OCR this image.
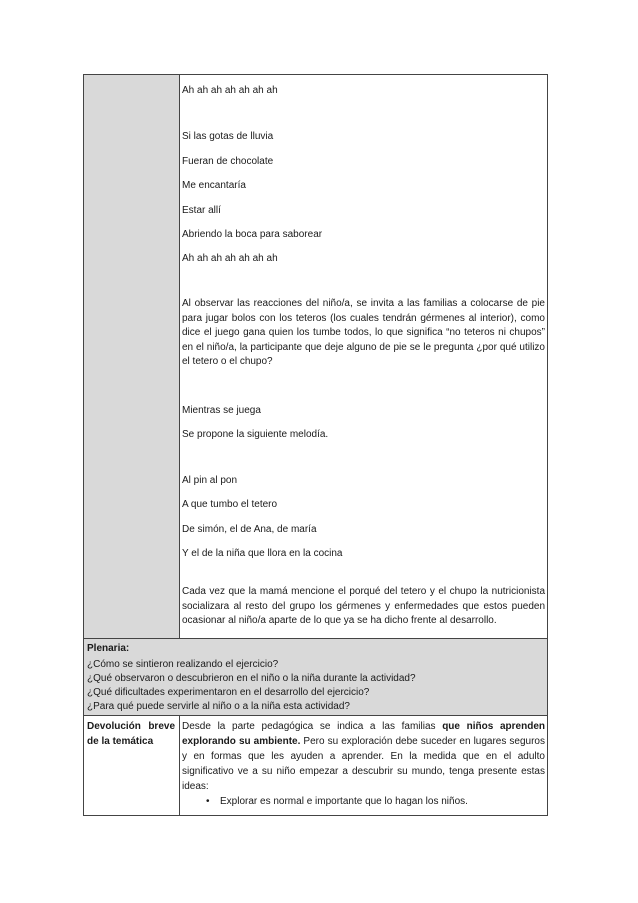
Ah ah ah ah ah ah ah
Si las gotas de lluvia
Fueran de chocolate
Me encantaría
Estar allí
Abriendo la boca para saborear
Ah ah ah ah ah ah ah
Al observar las reacciones del niño/a, se invita a las familias a colocarse de pie para jugar bolos con los teteros (los cuales tendrán gérmenes al interior), como dice el juego gana quien los tumbe todos, lo que significa “no teteros ni chupos” en el niño/a, la participante que deje alguno de pie se le pregunta ¿por qué utilizo el tetero o el chupo?
Mientras se juega
Se propone la siguiente melodía.
Al pin al pon
A que tumbo el tetero
De simón, el de Ana, de maría
Y el de la niña que llora en la cocina
Cada vez que la mamá mencione el porqué del tetero y el chupo la nutricionista socializara al resto del grupo los gérmenes y enfermedades que estos pueden ocasionar al niño/a aparte de lo que ya se ha dicho frente al desarrollo.
Plenaria:
¿Cómo se sintieron realizando el ejercicio?
¿Qué observaron o descubrieron en el niño o la niña durante la actividad?
¿Qué dificultades experimentaron en el desarrollo del ejercicio?
¿Para qué puede servirle al niño o a la niña esta actividad?
Devolución breve de la temática
Desde la parte pedagógica se indica a las familias que niños aprenden explorando su ambiente. Pero su exploración debe suceder en lugares seguros y en formas que les ayuden a aprender. En la medida que en el adulto significativo ve a su niño empezar a descubrir su mundo, tenga presente estas ideas:
• Explorar es normal e importante que lo hagan los niños.
